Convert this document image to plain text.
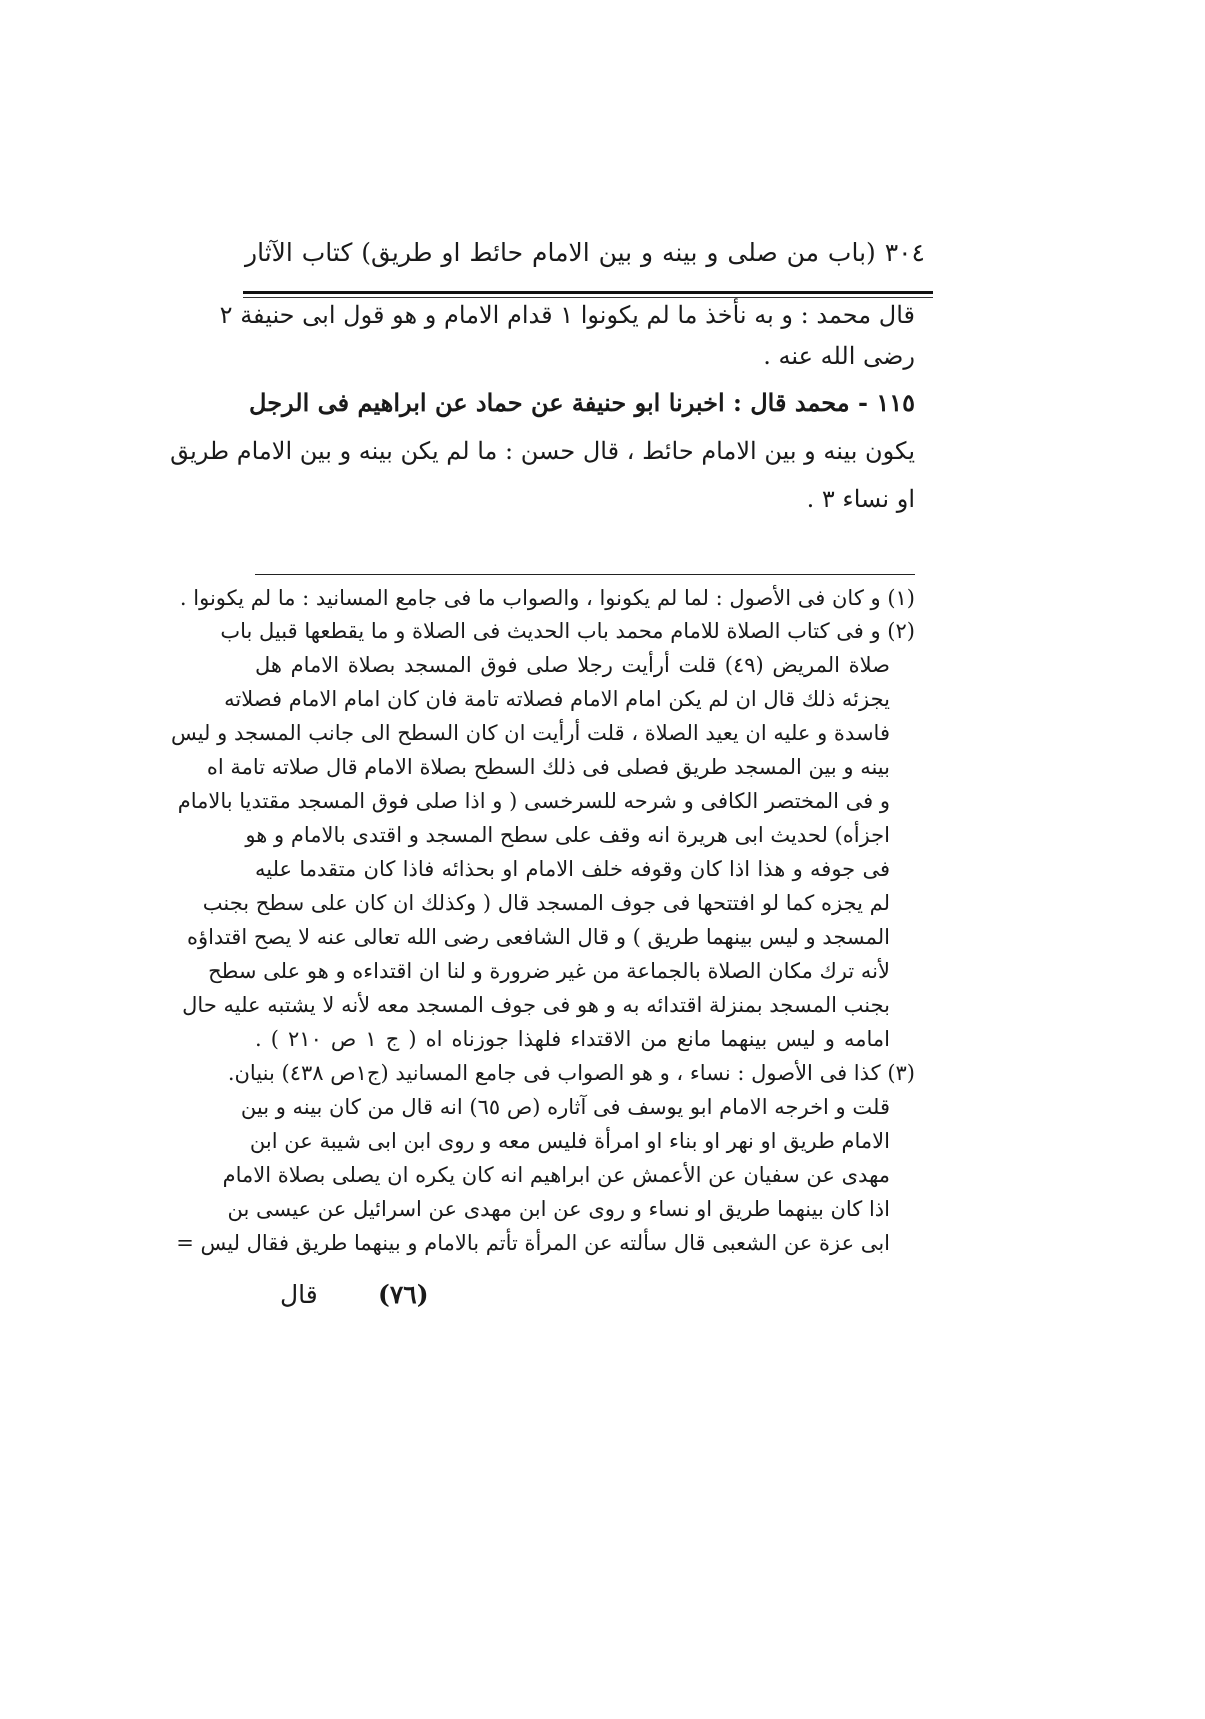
٣٠٤ (باب من صلى و بينه و بين الامام حائط او طريق) كتاب الآثار
قال محمد : و به نأخذ ما لم يكونوا ١ قدام الامام و هو قول ابى حنيفة ٢
رضى الله عنه .
١١٥ - محمد قال : اخبرنا ابو حنيفة عن حماد عن ابراهيم فى الرجل
يكون بينه و بين الامام حائط ، قال حسن : ما لم يكن بينه و بين الامام طريق
او نساء ٣ .
(١) و كان فى الأصول : لما لم يكونوا ، والصواب ما فى جامع المسانيد : ما لم يكونوا .
(٢) و فى كتاب الصلاة للامام محمد باب الحديث فى الصلاة و ما يقطعها قبيل باب
صلاة المريض (٤٩) قلت أرأيت رجلا صلى فوق المسجد بصلاة الامام هل
يجزئه ذلك قال ان لم يكن امام الامام فصلاته تامة فان كان امام الامام فصلاته
فاسدة و عليه ان يعيد الصلاة ، قلت أرأيت ان كان السطح الى جانب المسجد و ليس
بينه و بين المسجد طريق فصلى فى ذلك السطح بصلاة الامام قال صلاته تامة اه
و فى المختصر الكافى و شرحه للسرخسى ( و اذا صلى فوق المسجد مقتديا بالامام
اجزأه) لحديث ابى هريرة انه وقف على سطح المسجد و اقتدى بالامام و هو
فى جوفه و هذا اذا كان وقوفه خلف الامام او بحذائه فاذا كان متقدما عليه
لم يجزه كما لو افتتحها فى جوف المسجد قال ( وكذلك ان كان على سطح بجنب
المسجد و ليس بينهما طريق ) و قال الشافعى رضى الله تعالى عنه لا يصح اقتداؤه
لأنه ترك مكان الصلاة بالجماعة من غير ضرورة و لنا ان اقتداءه و هو على سطح
بجنب المسجد بمنزلة اقتدائه به و هو فى جوف المسجد معه لأنه لا يشتبه عليه حال
امامه و ليس بينهما مانع من الاقتداء فلهذا جوزناه اه ( ج ١ ص ٢١٠ ) .
(٣) كذا فى الأصول : نساء ، و هو الصواب فى جامع المسانيد (ج١ص ٤٣٨) بنيان.
قلت و اخرجه الامام ابو يوسف فى آثاره (ص ٦٥) انه قال من كان بينه و بين
الامام طريق او نهر او بناء او امرأة فليس معه و روى ابن ابى شيبة عن ابن
مهدى عن سفيان عن الأعمش عن ابراهيم انه كان يكره ان يصلى بصلاة الامام
اذا كان بينهما طريق او نساء و روى عن ابن مهدى عن اسرائيل عن عيسى بن
ابى عزة عن الشعبى قال سألته عن المرأة تأتم بالامام و بينهما طريق فقال ليس =
(٧٦)
قال
